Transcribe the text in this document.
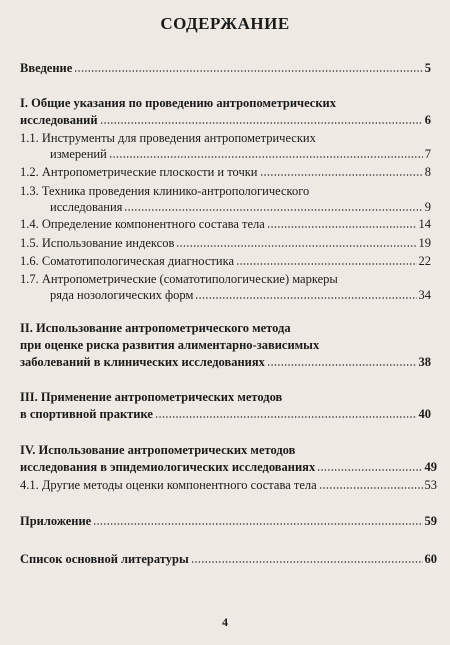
СОДЕРЖАНИЕ
Введение	5
I. Общие указания по проведению антропометрических
исследований	6
1.1. Инструменты для проведения антропометрических
измерений	7
1.2. Антропометрические плоскости и точки	8
1.3. Техника проведения клинико-антропологического
исследования	9
1.4. Определение компонентного состава тела	14
1.5. Использование индексов	19
1.6. Соматотипологическая диагностика	22
1.7. Антропометрические (соматотипологические) маркеры
ряда нозологических форм	34
II. Использование антропометрического метода
при оценке риска развития алиментарно-зависимых
заболеваний в клинических исследованиях	38
III. Применение антропометрических методов
в спортивной практике	40
IV. Использование антропометрических методов
исследования в эпидемиологических исследованиях	49
4.1. Другие методы оценки компонентного состава тела	53
Приложение	59
Список основной литературы	60
4
